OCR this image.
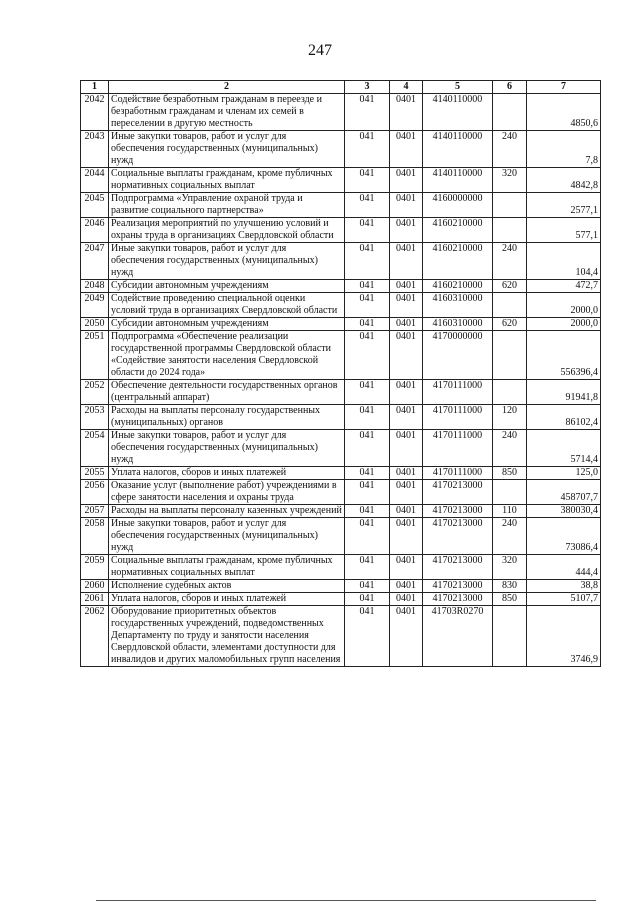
247
1	2	3	4	5	6	7
2042	Содействие безработным гражданам в переезде и безработным гражданам и членам их семей в переселении в другую местность	041	0401	4140110000		4850,6
2043	Иные закупки товаров, работ и услуг для обеспечения государственных (муниципальных) нужд	041	0401	4140110000	240	7,8
2044	Социальные выплаты гражданам, кроме публичных нормативных социальных выплат	041	0401	4140110000	320	4842,8
2045	Подпрограмма «Управление охраной труда и развитие социального партнерства»	041	0401	4160000000		2577,1
2046	Реализация мероприятий по улучшению условий и охраны труда в организациях Свердловской области	041	0401	4160210000		577,1
2047	Иные закупки товаров, работ и услуг для обеспечения государственных (муниципальных) нужд	041	0401	4160210000	240	104,4
2048	Субсидии автономным учреждениям	041	0401	4160210000	620	472,7
2049	Содействие проведению специальной оценки условий труда в организациях Свердловской области	041	0401	4160310000		2000,0
2050	Субсидии автономным учреждениям	041	0401	4160310000	620	2000,0
2051	Подпрограмма «Обеспечение реализации государственной программы Свердловской области «Содействие занятости населения Свердловской области до 2024 года»	041	0401	4170000000		556396,4
2052	Обеспечение деятельности государственных органов (центральный аппарат)	041	0401	4170111000		91941,8
2053	Расходы на выплаты персоналу государственных (муниципальных) органов	041	0401	4170111000	120	86102,4
2054	Иные закупки товаров, работ и услуг для обеспечения государственных (муниципальных) нужд	041	0401	4170111000	240	5714,4
2055	Уплата налогов, сборов и иных платежей	041	0401	4170111000	850	125,0
2056	Оказание услуг (выполнение работ) учреждениями в сфере занятости населения и охраны труда	041	0401	4170213000		458707,7
2057	Расходы на выплаты персоналу казенных учреждений	041	0401	4170213000	110	380030,4
2058	Иные закупки товаров, работ и услуг для обеспечения государственных (муниципальных) нужд	041	0401	4170213000	240	73086,4
2059	Социальные выплаты гражданам, кроме публичных нормативных социальных выплат	041	0401	4170213000	320	444,4
2060	Исполнение судебных актов	041	0401	4170213000	830	38,8
2061	Уплата налогов, сборов и иных платежей	041	0401	4170213000	850	5107,7
2062	Оборудование приоритетных объектов государственных учреждений, подведомственных Департаменту по труду и занятости населения Свердловской области, элементами доступности для инвалидов и других маломобильных групп населения	041	0401	41703R0270		3746,9
